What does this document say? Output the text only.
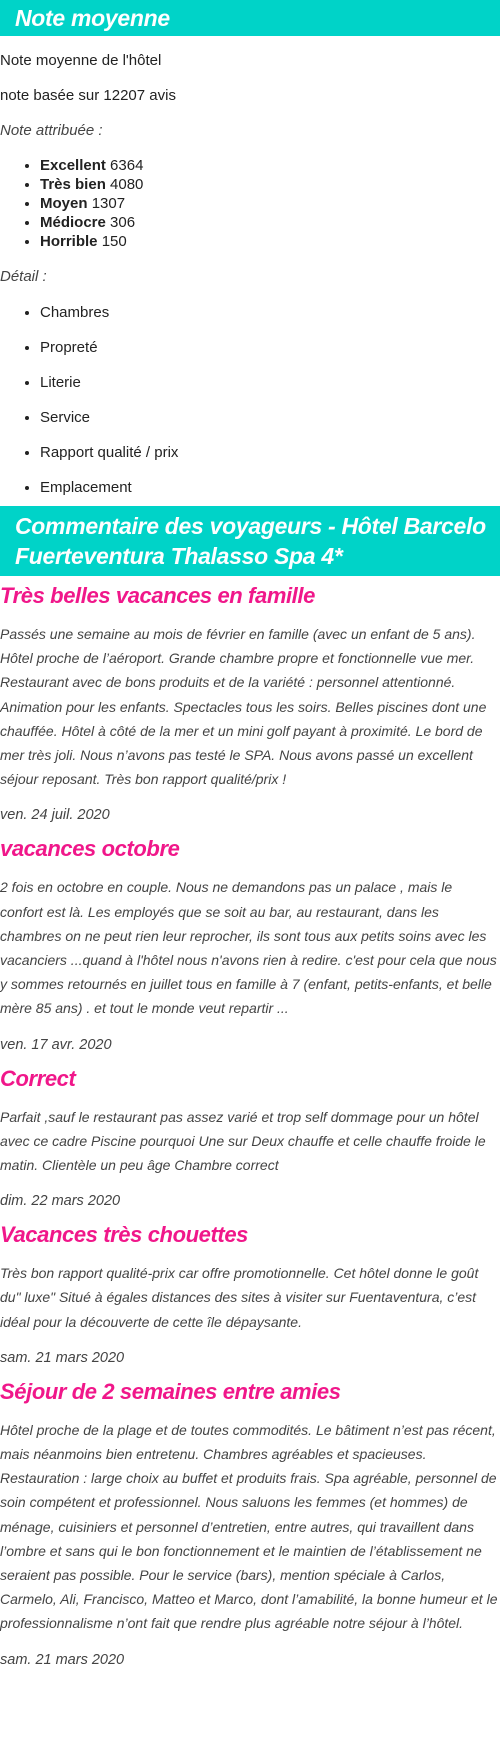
Note moyenne

Note moyenne de l'hôtel

note basée sur 12207 avis

Note attribuée :

• Excellent 6364
• Très bien 4080
• Moyen 1307
• Médiocre 306
• Horrible 150

Détail :

• Chambres
• Propreté
• Literie
• Service
• Rapport qualité / prix
• Emplacement
Commentaire des voyageurs - Hôtel Barcelo Fuerteventura Thalasso Spa 4*
Très belles vacances en famille

Passés une semaine au mois de février en famille (avec un enfant de 5 ans). Hôtel proche de l’aéroport. Grande chambre propre et fonctionnelle vue mer. Restaurant avec de bons produits et de la variété : personnel attentionné. Animation pour les enfants. Spectacles tous les soirs. Belles piscines dont une chauffée. Hôtel à côté de la mer et un mini golf payant à proximité. Le bord de mer très joli. Nous n’avons pas testé le SPA. Nous avons passé un excellent séjour reposant. Très bon rapport qualité/prix !

ven. 24 juil. 2020

vacances octobre

2 fois en octobre en couple. Nous ne demandons pas un palace , mais le confort est là. Les employés que se soit au bar, au restaurant, dans les chambres on ne peut rien leur reprocher, ils sont tous aux petits soins avec les vacanciers ...quand à l'hôtel nous n'avons rien à redire. c'est pour cela que nous y sommes retournés en juillet tous en famille à 7 (enfant, petits-enfants, et belle mère 85 ans) . et tout le monde veut repartir ...

ven. 17 avr. 2020

Correct

Parfait ,sauf le restaurant pas assez varié et trop self dommage pour un hôtel avec ce cadre Piscine pourquoi Une sur Deux chauffe et celle chauffe froide le matin. Clientèle un peu âge Chambre correct

dim. 22 mars 2020

Vacances très chouettes

Très bon rapport qualité-prix car offre promotionnelle. Cet hôtel donne le goût du" luxe" Situé à égales distances des sites à visiter sur Fuentaventura, c’est idéal pour la découverte de cette île dépaysante.

sam. 21 mars 2020

Séjour de 2 semaines entre amies

Hôtel proche de la plage et de toutes commodités. Le bâtiment n’est pas récent, mais néanmoins bien entretenu. Chambres agréables et spacieuses. Restauration : large choix au buffet et produits frais. Spa agréable, personnel de soin compétent et professionnel. Nous saluons les femmes (et hommes) de ménage, cuisiniers et personnel d’entretien, entre autres, qui travaillent dans l’ombre et sans qui le bon fonctionnement et le maintien de l’établissement ne seraient pas possible. Pour le service (bars), mention spéciale à Carlos, Carmelo, Ali, Francisco, Matteo et Marco, dont l’amabilité, la bonne humeur et le professionnalisme n’ont fait que rendre plus agréable notre séjour à l’hôtel.

sam. 21 mars 2020
